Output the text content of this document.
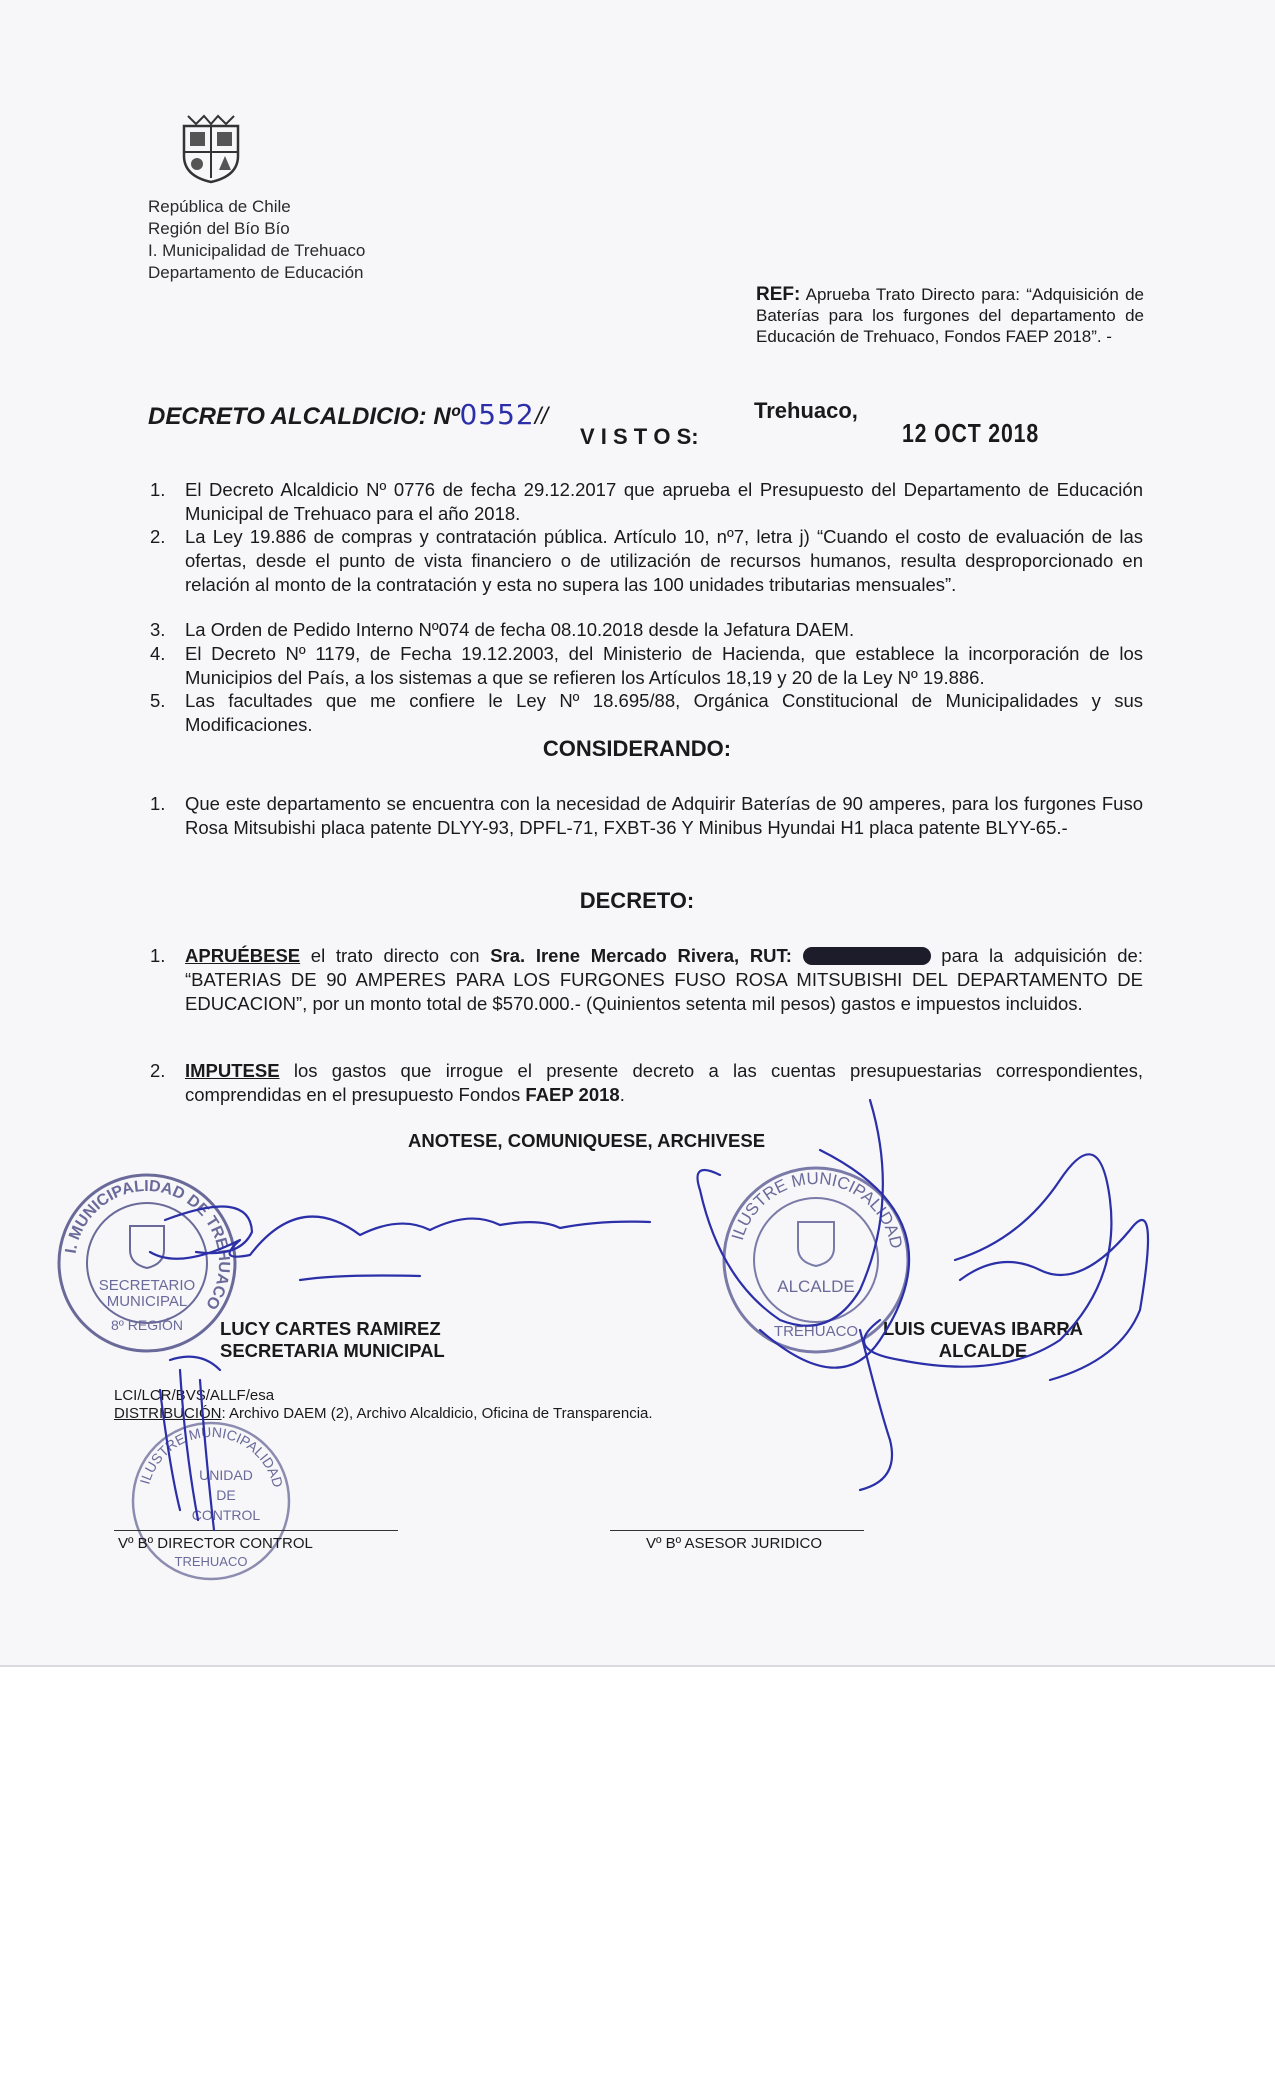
República de Chile
Región del Bío Bío
I. Municipalidad de Trehuaco
Departamento de Educación
REF: Aprueba Trato Directo para: “Adquisición de Baterías para los furgones del departamento de Educación de Trehuaco, Fondos FAEP 2018”. -
DECRETO ALCALDICIO: Nº0552//	Trehuaco,
12 OCT 2018
V I S T O S:
1.	El Decreto Alcaldicio Nº 0776 de fecha 29.12.2017 que aprueba el Presupuesto del Departamento de Educación Municipal de Trehuaco para el año 2018.
2.	La Ley 19.886 de compras y contratación pública. Artículo 10, nº7, letra j) “Cuando el costo de evaluación de las ofertas, desde el punto de vista financiero o de utilización de recursos humanos, resulta desproporcionado en relación al monto de la contratación y esta no supera las 100 unidades tributarias mensuales”.
3.	La Orden de Pedido Interno Nº074 de fecha 08.10.2018 desde la Jefatura DAEM.
4.	El Decreto Nº 1179, de Fecha 19.12.2003, del Ministerio de Hacienda, que establece la incorporación de los Municipios del País, a los sistemas a que se refieren los Artículos 18,19 y 20 de la Ley Nº 19.886.
5.	Las facultades que me confiere le Ley Nº 18.695/88, Orgánica Constitucional de Municipalidades y sus Modificaciones.
CONSIDERANDO:
1.	Que este departamento se encuentra con la necesidad de Adquirir Baterías de 90 amperes, para los furgones Fuso Rosa Mitsubishi placa patente DLYY-93, DPFL-71, FXBT-36 Y Minibus Hyundai H1 placa patente BLYY-65.-
DECRETO:
1.	APRUÉBESE el trato directo con Sra. Irene Mercado Rivera, RUT:	para la adquisición de: “BATERIAS DE 90 AMPERES PARA LOS FURGONES FUSO ROSA MITSUBISHI DEL DEPARTAMENTO DE EDUCACION”, por un monto total de $570.000.- (Quinientos setenta mil pesos) gastos e impuestos incluidos.
2.	IMPUTESE los gastos que irrogue el presente decreto a las cuentas presupuestarias correspondientes, comprendidas en el presupuesto Fondos FAEP 2018.
ANOTESE, COMUNIQUESE, ARCHIVESE
I. MUNICIPALIDAD DE TREHUACO
SECRETARIO
MUNICIPAL
8º REGIÓN
ILUSTRE MUNICIPALIDAD
ALCALDE
TREHUACO
ILUSTRE MUNICIPALIDAD
UNIDAD
DE
CONTROL
TREHUACO
LUCY CARTES RAMIREZ
SECRETARIA MUNICIPAL
LUIS CUEVAS IBARRA
ALCALDE
LCI/LCR/BVS/ALLF/esa
DISTRIBUCIÓN: Archivo DAEM (2), Archivo Alcaldicio, Oficina de Transparencia.
Vº Bº DIRECTOR CONTROL	Vº Bº ASESOR JURIDICO
